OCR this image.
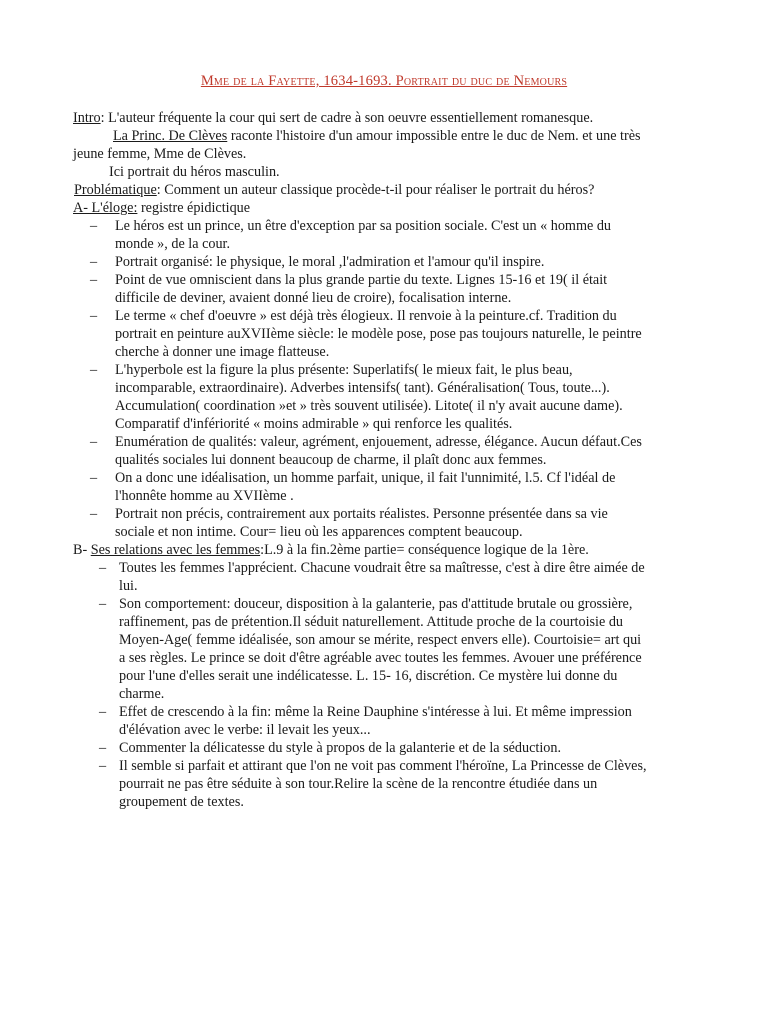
Mme de la Fayette, 1634-1693. Portrait du duc de Nemours
Intro: L'auteur fréquente la cour qui sert de cadre à son oeuvre essentiellement romanesque.
La Princ. De Clèves raconte l'histoire d'un amour impossible entre le duc de Nem. et une très
jeune femme, Mme de Clèves.
Ici portrait du héros masculin.
Problématique: Comment un auteur classique procède-t-il pour réaliser le portrait du héros?
A- L'éloge: registre épidictique
– Le héros est un prince, un être d'exception par sa position sociale. C'est un « homme du
monde », de la cour.
– Portrait organisé: le physique, le moral ,l'admiration et l'amour qu'il inspire.
– Point de vue omniscient dans la plus grande partie du texte. Lignes 15-16 et 19( il était
difficile de deviner, avaient donné lieu de croire), focalisation interne.
– Le terme « chef d'oeuvre » est déjà très élogieux. Il renvoie à la peinture.cf. Tradition du
portrait en peinture auXVIIème siècle: le modèle pose, pose pas toujours naturelle, le peintre
cherche à donner une image flatteuse.
– L'hyperbole est la figure la plus présente: Superlatifs( le mieux fait, le plus beau,
incomparable, extraordinaire). Adverbes intensifs( tant). Généralisation( Tous, toute...).
Accumulation( coordination »et » très souvent utilisée). Litote( il n'y avait aucune dame).
Comparatif d'infériorité « moins admirable » qui renforce les qualités.
– Enumération de qualités: valeur, agrément, enjouement, adresse, élégance. Aucun défaut.Ces
qualités sociales lui donnent beaucoup de charme, il plaît donc aux femmes.
– On a donc une idéalisation, un homme parfait, unique, il fait l'unnimité, l.5. Cf l'idéal de
l'honnête homme au XVIIème .
– Portrait non précis, contrairement aux portaits réalistes. Personne présentée dans sa vie
sociale et non intime. Cour= lieu où les apparences comptent beaucoup.
B- Ses relations avec les femmes:L.9 à la fin.2ème partie= conséquence logique de la 1ère.
– Toutes les femmes l'apprécient. Chacune voudrait être sa maîtresse, c'est à dire être aimée de
lui.
– Son comportement: douceur, disposition à la galanterie, pas d'attitude brutale ou grossière,
raffinement, pas de prétention.Il séduit naturellement. Attitude proche de la courtoisie du
Moyen-Age( femme idéalisée, son amour se mérite, respect envers elle). Courtoisie= art qui
a ses règles. Le prince se doit d'être agréable avec toutes les femmes. Avouer une préférence
pour l'une d'elles serait une indélicatesse. L. 15- 16, discrétion. Ce mystère lui donne du
charme.
– Effet de crescendo à la fin: même la Reine Dauphine s'intéresse à lui. Et même impression
d'élévation avec le verbe: il levait les yeux...
– Commenter la délicatesse du style à propos de la galanterie et de la séduction.
– Il semble si parfait et attirant que l'on ne voit pas comment l'héroïne, La Princesse de Clèves,
pourrait ne pas être séduite à son tour.Relire la scène de la rencontre étudiée dans un
groupement de textes.
